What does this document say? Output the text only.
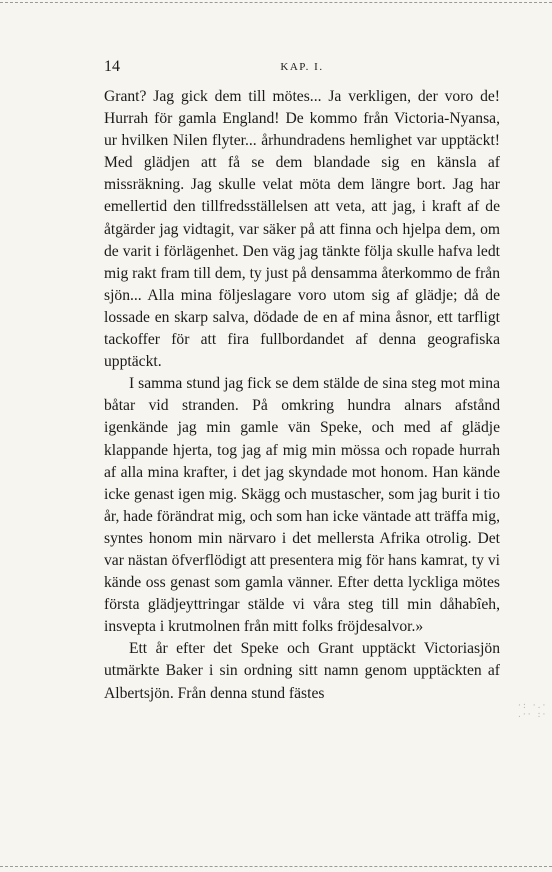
14	KAP. I.

Grant? Jag gick dem till mötes... Ja verkligen, der voro de! Hurrah för gamla England! De kommo från Victoria-Nyansa, ur hvilken Nilen flyter... århundradens hemlighet var upptäckt! Med glädjen att få se dem blandade sig en känsla af missräkning. Jag skulle velat möta dem längre bort. Jag har emellertid den tillfredsställelsen att veta, att jag, i kraft af de åtgärder jag vidtagit, var säker på att finna och hjelpa dem, om de varit i förlägenhet. Den väg jag tänkte följa skulle hafva ledt mig rakt fram till dem, ty just på densamma återkommo de från sjön... Alla mina följeslagare voro utom sig af glädje; då de lossade en skarp salva, dödade de en af mina åsnor, ett tarfligt tackoffer för att fira fullbordandet af denna geografiska upptäckt.

I samma stund jag fick se dem stälde de sina steg mot mina båtar vid stranden. På omkring hundra alnars afstånd igenkände jag min gamle vän Speke, och med af glädje klappande hjerta, tog jag af mig min mössa och ropade hurrah af alla mina krafter, i det jag skyndade mot honom. Han kände icke genast igen mig. Skägg och mustascher, som jag burit i tio år, hade förändrat mig, och som han icke väntade att träffa mig, syntes honom min närvaro i det mellersta Afrika otrolig. Det var nästan öfverflödigt att presentera mig för hans kamrat, ty vi kände oss genast som gamla vänner. Efter detta lyckliga mötes första glädjeyttringar stälde vi våra steg till min dåhabîeh, insvepta i krutmolnen från mitt folks fröjdesalvor.»

Ett år efter det Speke och Grant upptäckt Victoriasjön utmärkte Baker i sin ordning sitt namn genom upptäckten af Albertsjön. Från denna stund fästes

·: ·.·
.·· :·
